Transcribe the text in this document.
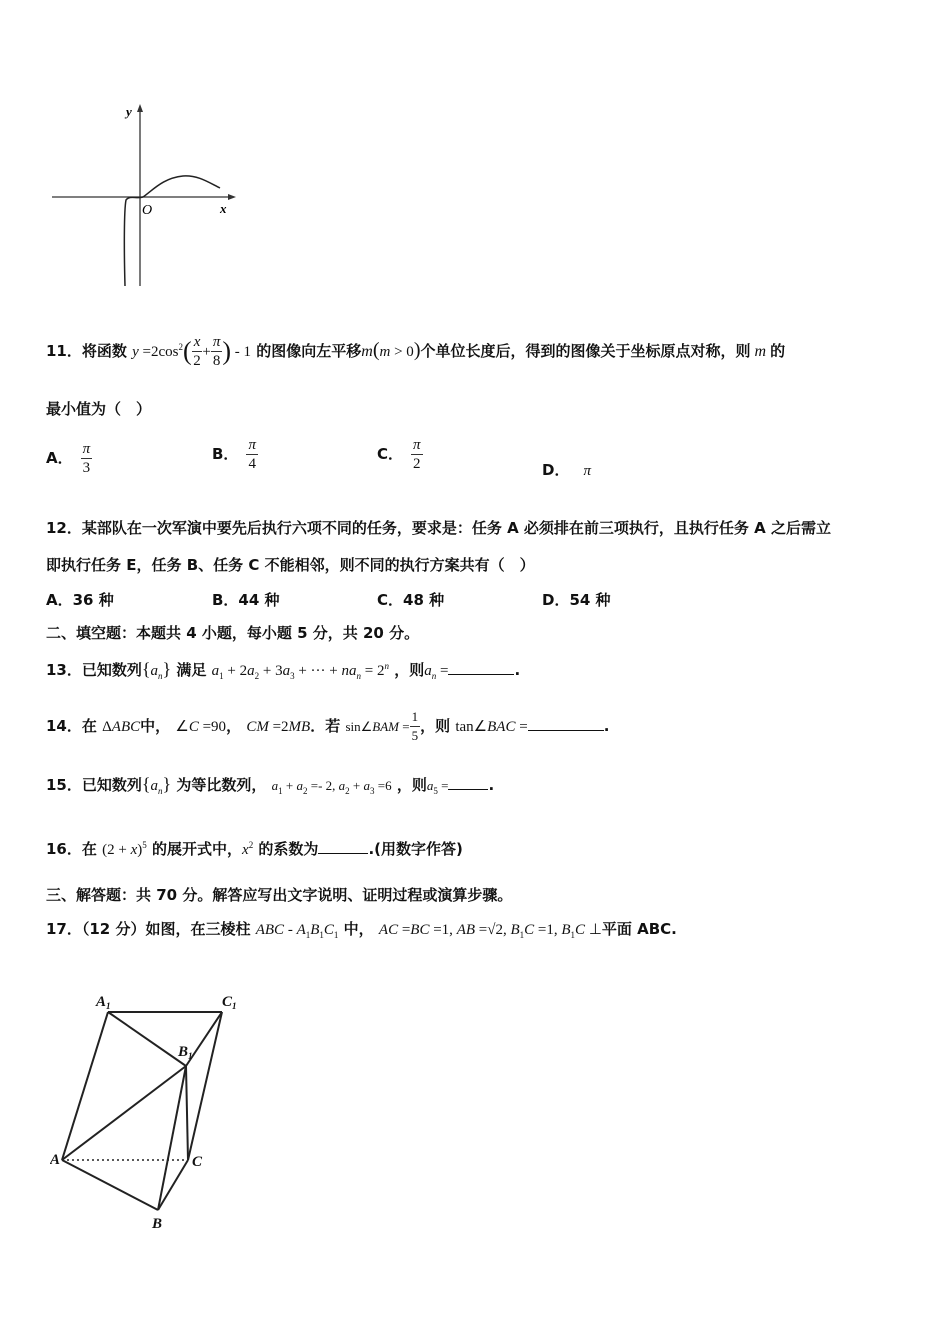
y
x
O
11．将函数 $y =2\cos^2( \frac{x}{2} + \frac{\pi}{8}$ ) - 1 的图像向左平移m(m > 0)个单位长度后，得到的图像关于坐标原点对称，则 m 的
最小值为（　）
A． $\frac{\pi}{3}$	B． $\frac{\pi}{4}$	C． $\frac{\pi}{2}$	D． π
12．某部队在一次军演中要先后执行六项不同的任务，要求是：任务 A 必须排在前三项执行，且执行任务 A 之后需立
即执行任务 E，任务 B、任务 C 不能相邻，则不同的执行方案共有（　）
A．36 种	B．44 种	C．48 种	D．54 种
二、填空题：本题共 4 小题，每小题 5 分，共 20 分。
13．已知数列$\{a_n\}$ 满足 $a_1 + 2a_2 + 3a_3$ + ··· + $na_n = 2^n$ ，则$a_n$ =	.
14．在 ΔABC中， ∠C =90， CM =2MB．若 sin∠BAM = $\frac{1}{5}$ ，则 tan∠BAC =	.
15．已知数列$\{a_n\}$ 为等比数列， $a_1 + a_2 =- 2$, $a_2 + a_3 =6$ ，则$a_5$ =	.
16．在 $(2 + x)^5$ 的展开式中，$x^2$ 的系数为	.(用数字作答)
三、解答题：共 70 分。解答应写出文字说明、证明过程或演算步骤。
17．（12 分）如图，在三棱柱 ABC - $A_1B_1C_1$ 中， AC =BC =1, AB =√2, $B_1C =1$, $B_1C$ ⊥平面 ABC.
$A_1$	$C_1$
$B_1$
A	C
B
